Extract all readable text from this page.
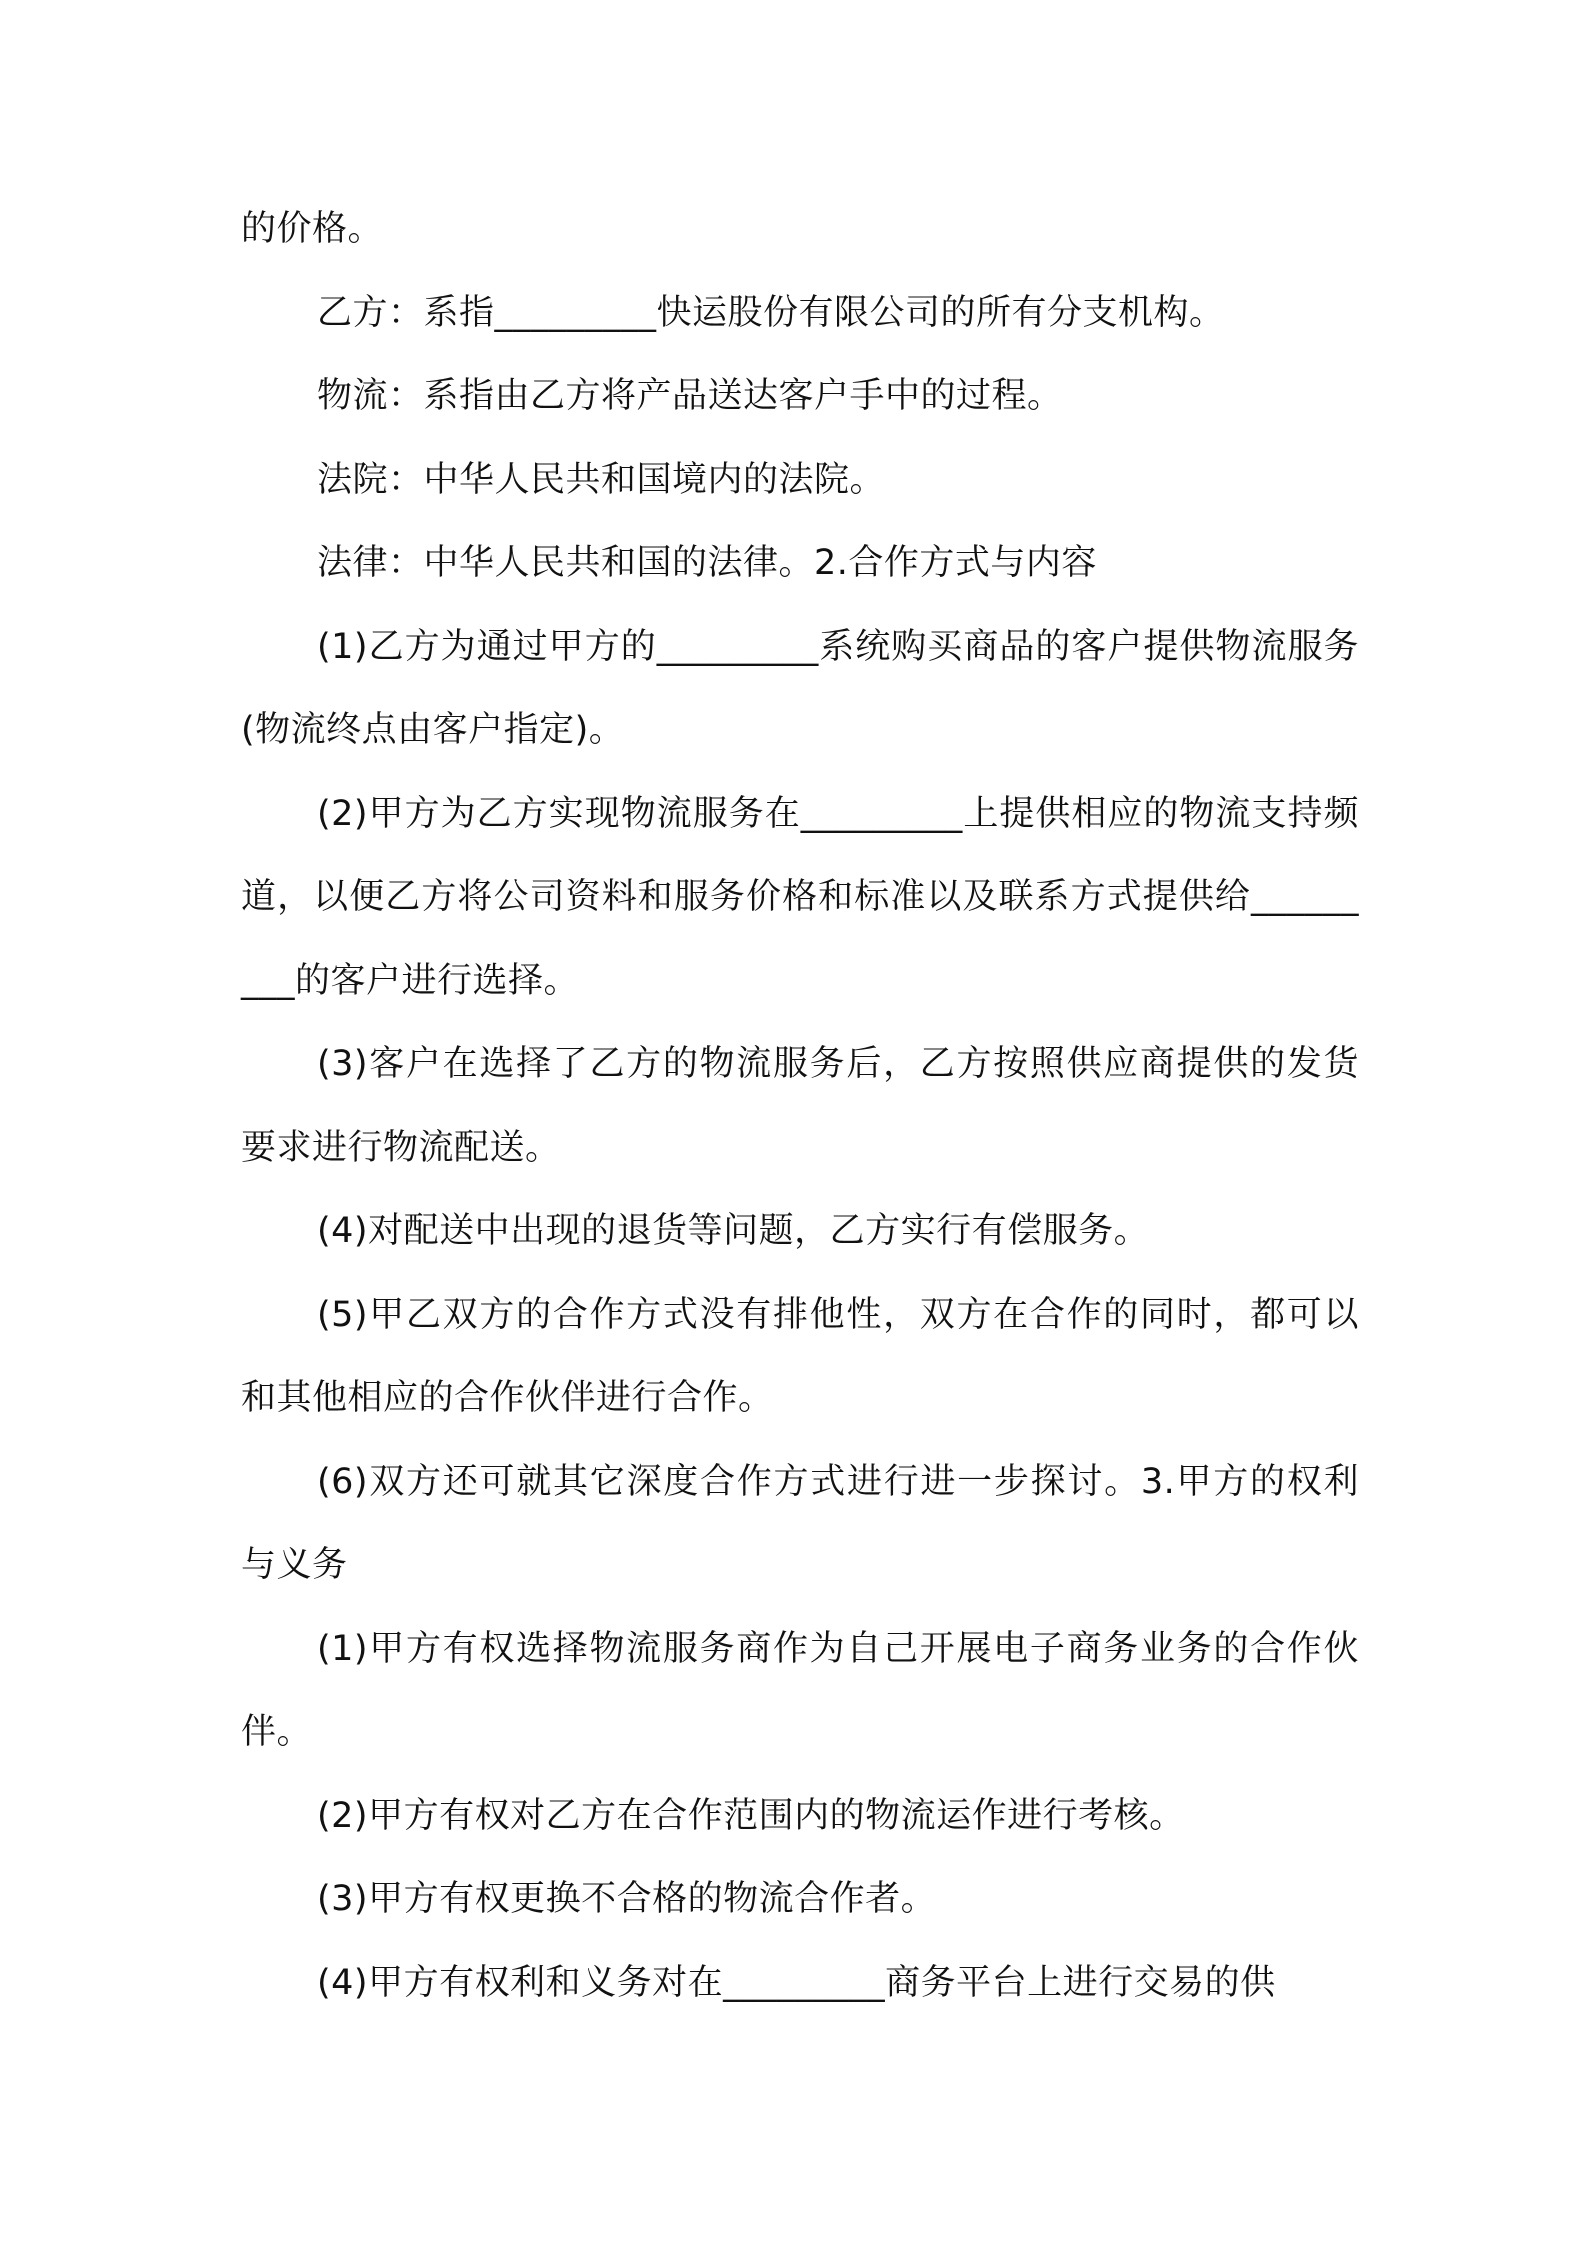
的价格。

乙方：系指_________快运股份有限公司的所有分支机构。

物流：系指由乙方将产品送达客户手中的过程。

法院：中华人民共和国境内的法院。

法律：中华人民共和国的法律。2.合作方式与内容

(1)乙方为通过甲方的_________系统购买商品的客户提供物流服务(物流终点由客户指定)。

(2)甲方为乙方实现物流服务在_________上提供相应的物流支持频道，以便乙方将公司资料和服务价格和标准以及联系方式提供给_________的客户进行选择。

(3)客户在选择了乙方的物流服务后，乙方按照供应商提供的发货要求进行物流配送。

(4)对配送中出现的退货等问题，乙方实行有偿服务。

(5)甲乙双方的合作方式没有排他性，双方在合作的同时，都可以和其他相应的合作伙伴进行合作。

(6)双方还可就其它深度合作方式进行进一步探讨。3.甲方的权利与义务

(1)甲方有权选择物流服务商作为自己开展电子商务业务的合作伙伴。

(2)甲方有权对乙方在合作范围内的物流运作进行考核。

(3)甲方有权更换不合格的物流合作者。

(4)甲方有权利和义务对在_________商务平台上进行交易的供
